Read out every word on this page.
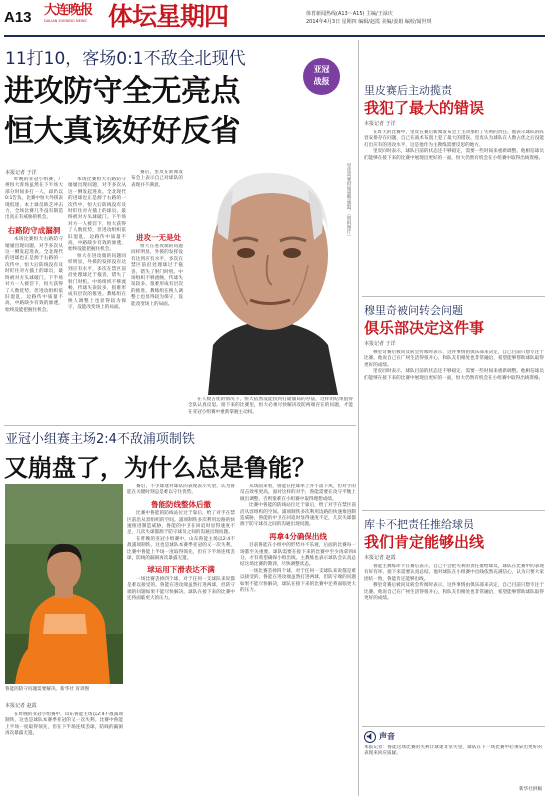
A13 大连晚报
DALIAN EVENING NEWS 体坛星期四	体育新闻热线(A13～A15) 主编/王禄庆
2014年4月3日 星期四 编辑/赵霞 美编/姜娟 编校/闻世琪
11打10，客场0:1不敌全北现代
进攻防守全无亮点
恒大真该好好反省
亚冠
战报
本报记者 于洋	里皮需要时间重整旗鼓。（资料图片）

昨晚的亚冠小组赛，广州恒大客场虽然在下半场大部分时间多打一人，却仍以0:1告负。比赛中恒大外援表现低迷，本土球员缺乏冲击力，全场比赛几乎没有制造出真正有威胁的机会。

右路防守成漏洞

本场比赛恒大右路防守屡屡出现问题，对手多次从这一侧发起进攻。全北现代的进球也正是源于右路的一次传中，恒大后防线没有及时盯住对方插上的球员，最终被对方头球破门。下半场对方一人被罚下，恒大获得了人数优势，但进攻组织依旧混乱，边路传中质量不高，中路缺少有效的渗透，始终没能把握住机会。

本场比赛恒大右路防守屡屡出现问题，对手多次从这一侧发起进攻。全北现代的进球也正是源于右路的一次传中，恒大后防线没有及时盯住对方插上的球员，最终被对方头球破门。下半场对方一人被罚下，恒大获得了人数优势，但进攻组织依旧混乱，边路传中质量不高，中路缺少有效的渗透，始终没能把握住机会。

恒大在进攻端的问题同样明显，外援的发挥没有达到应有水平，多次在禁区前沿处理球过于拖沓，错失了射门时机。中场组织不够流畅，传球失误较多，很难形成有层次的推进。教练组在换人调整上也显得较为保守，没能改变场上的局面。

赛后，里皮在新闻发布会上表示自己对球队的表现并不满意。

进攻一无是处

恒大在进攻端的问题同样明显，外援的发挥没有达到应有水平，多次在禁区前沿处理球过于拖沓，错失了射门时机。中场组织不够流畅，传球失误较多，很难形成有层次的推进。教练组在换人调整上也显得较为保守，没能改变场上的局面。

在人数占优的情况下，恒大依然没能找到打破僵局的办法，这样的结果值得全队认真反思。接下来的比赛里，恒大必须尽快解决攻防两端存在的问题，才能在亚冠小组赛中重新掌握主动权。

亚冠小组赛主场2:4不敌浦项制铁
又崩盘了，为什么总是鲁能？
鲁能的防守问题需要解决。新华社 育训图
本报记者 赵霞

在昨晚的亚冠小组赛中，山东鲁能主场以2:4不敌浦项制铁，这也是球队本赛季亚冠的又一次失利。比赛中鲁能上半场一度取得领先，但在下半场连续丢球，防线的漏洞再次暴露无遗。

赛后，不少球迷对球队的表现表示失望，认为鲁能在关键时刻总是难以守住优势。

鲁能防线整体后撤

比赛中鲁能的防线站位过于靠后，给了对手在禁区前沿从容组织的空间。浦项制铁多次利用边路的快速推进制造威胁，鲁能的中卫在回追时显得速度不足，几次失球都源于防守球员之间的沟通出现问题。

在昨晚的亚冠小组赛中，山东鲁能主场以2:4不敌浦项制铁，这也是球队本赛季亚冠的又一次失利。比赛中鲁能上半场一度取得领先，但在下半场连续丢球，防线的漏洞再次暴露无遗。

球运用下滑表达不满

一场比赛丢掉四个球，对于任何一支球队来说都是难以接受的。鲁能在进攻端虽然打进两球，但防守端的问题如果不能尽快解决，球队在接下来的比赛中还将面临更大的压力。

从场面来看，鲁能在控球率上并不落下风，但对手的反击效率更高。面对这样的对手，鲁能需要在攻守平衡上做出调整，否则很难在小组赛中取得理想成绩。

比赛中鲁能的防线站位过于靠后，给了对手在禁区前沿从容组织的空间。浦项制铁多次利用边路的快速推进制造威胁，鲁能的中卫在回追时显得速度不足，几次失球都源于防守球员之间的沟通出现问题。

再拿4分确保出线

目前鲁能在小组中的形势并不乐观，后面的比赛每一场都至关重要。球队需要在接下来的比赛中至少再拿到4分，才有希望确保小组出线。主教练也表示球队会认真总结这场比赛的教训，尽快调整状态。

一场比赛丢掉四个球，对于任何一支球队来说都是难以接受的。鲁能在进攻端虽然打进两球，但防守端的问题如果不能尽快解决，球队在接下来的比赛中还将面临更大的压力。

里皮赛后主动揽责
我犯了最大的错误
本报记者 于洋

在昨天的比赛中，里皮在赛后新闻发布会上主动承担了失利的责任。他表示球队的阵容安排存在问题，自己在战术布置上犯了最大的错误。里皮认为球队在人数占优之后没能打出应有的进攻水平，这是他作为主教练需要反思的地方。

里皮同时表示，球队目前的状态还不够稳定，需要一些时间来重新调整。他相信球员们能够在接下来的比赛中展现出更好的一面，恒大仍然有机会在小组赛中取得出线资格。

穆里奇被问转会问题
俱乐部决定这件事
本报记者 于洋

穆里奇赛后被问及转会传闻时表示，这件事情由俱乐部来决定，自己目前只想专注于比赛。他说自己在广州生活得很开心，和队友们相处也非常融洽，希望能够帮助球队取得更好的成绩。

里皮同时表示，球队目前的状态还不够稳定，需要一些时间来重新调整。他相信球员们能够在接下来的比赛中展现出更好的一面，恒大仍然有机会在小组赛中取得出线资格。

库卡不把责任推给球员
我们肯定能够出线
本报记者 赵霞

鲁能主教练库卡在赛后表示，自己不会把失利的责任推给球员，球队在比赛中的表现有好有坏，接下来需要认真总结。他对球队在小组赛中出线依然充满信心，认为只要大家团结一致，鲁能肯定能够出线。

穆里奇赛后被问及转会传闻时表示，这件事情由俱乐部来决定，自己目前只想专注于比赛。他说自己在广州生活得很开心，和队友们相处也非常融洽，希望能够帮助球队取得更好的成绩。

声音
本报记者：鲁能这场比赛的失利让球迷非常失望，球队在下一场比赛中必须拿出更好的表现来回应质疑。
新华社供稿
